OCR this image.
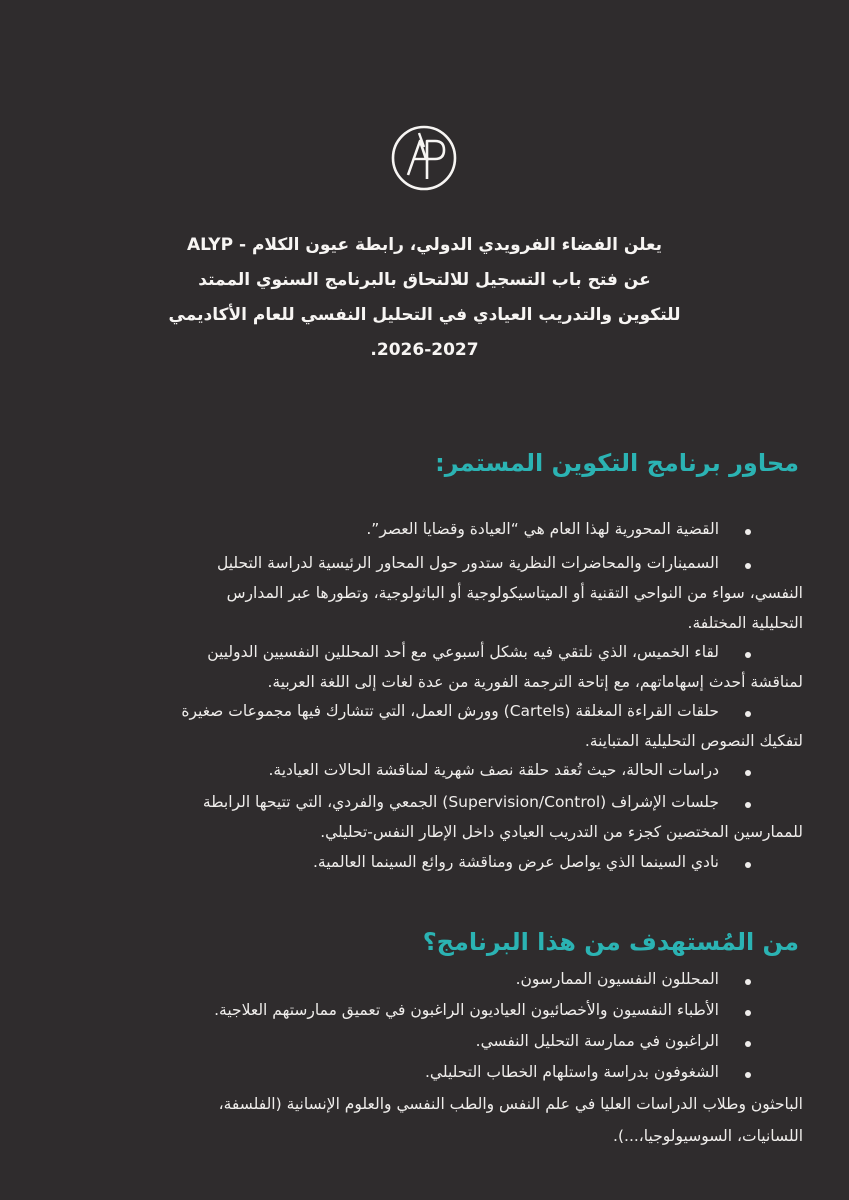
يعلن الفضاء الفرويدي الدولي، رابطة عيون الكلام - ALYP
عن فتح باب التسجيل للالتحاق بالبرنامج السنوي الممتد
للتكوين والتدريب العيادي في التحليل النفسي للعام الأكاديمي
2026-2027.
محاور برنامج التكوين المستمر:
القضية المحورية لهذا العام هي “العيادة وقضايا العصر”.
السمينارات والمحاضرات النظرية ستدور حول المحاور الرئيسية لدراسة التحليل
النفسي، سواء من النواحي التقنية أو الميتاسيكولوجية أو الباثولوجية، وتطورها عبر المدارس
التحليلية المختلفة.
لقاء الخميس، الذي نلتقي فيه بشكل أسبوعي مع أحد المحللين النفسيين الدوليين
لمناقشة أحدث إسهاماتهم، مع إتاحة الترجمة الفورية من عدة لغات إلى اللغة العربية.
حلقات القراءة المغلقة (Cartels) وورش العمل، التي تتشارك فيها مجموعات صغيرة
لتفكيك النصوص التحليلية المتباينة.
دراسات الحالة، حيث تُعقد حلقة نصف شهرية لمناقشة الحالات العيادية.
جلسات الإشراف (Supervision/Control) الجمعي والفردي، التي تتيحها الرابطة
للممارسين المختصين كجزء من التدريب العيادي داخل الإطار النفس-تحليلي.
نادي السينما الذي يواصل عرض ومناقشة روائع السينما العالمية.
من المُستهدف من هذا البرنامج؟
المحللون النفسيون الممارسون.
الأطباء النفسيون والأخصائيون العياديون الراغبون في تعميق ممارستهم العلاجية.
الراغبون في ممارسة التحليل النفسي.
الشغوفون بدراسة واستلهام الخطاب التحليلي.
الباحثون وطلاب الدراسات العليا في علم النفس والطب النفسي والعلوم الإنسانية (الفلسفة،
اللسانيات، السوسيولوجيا،...).
